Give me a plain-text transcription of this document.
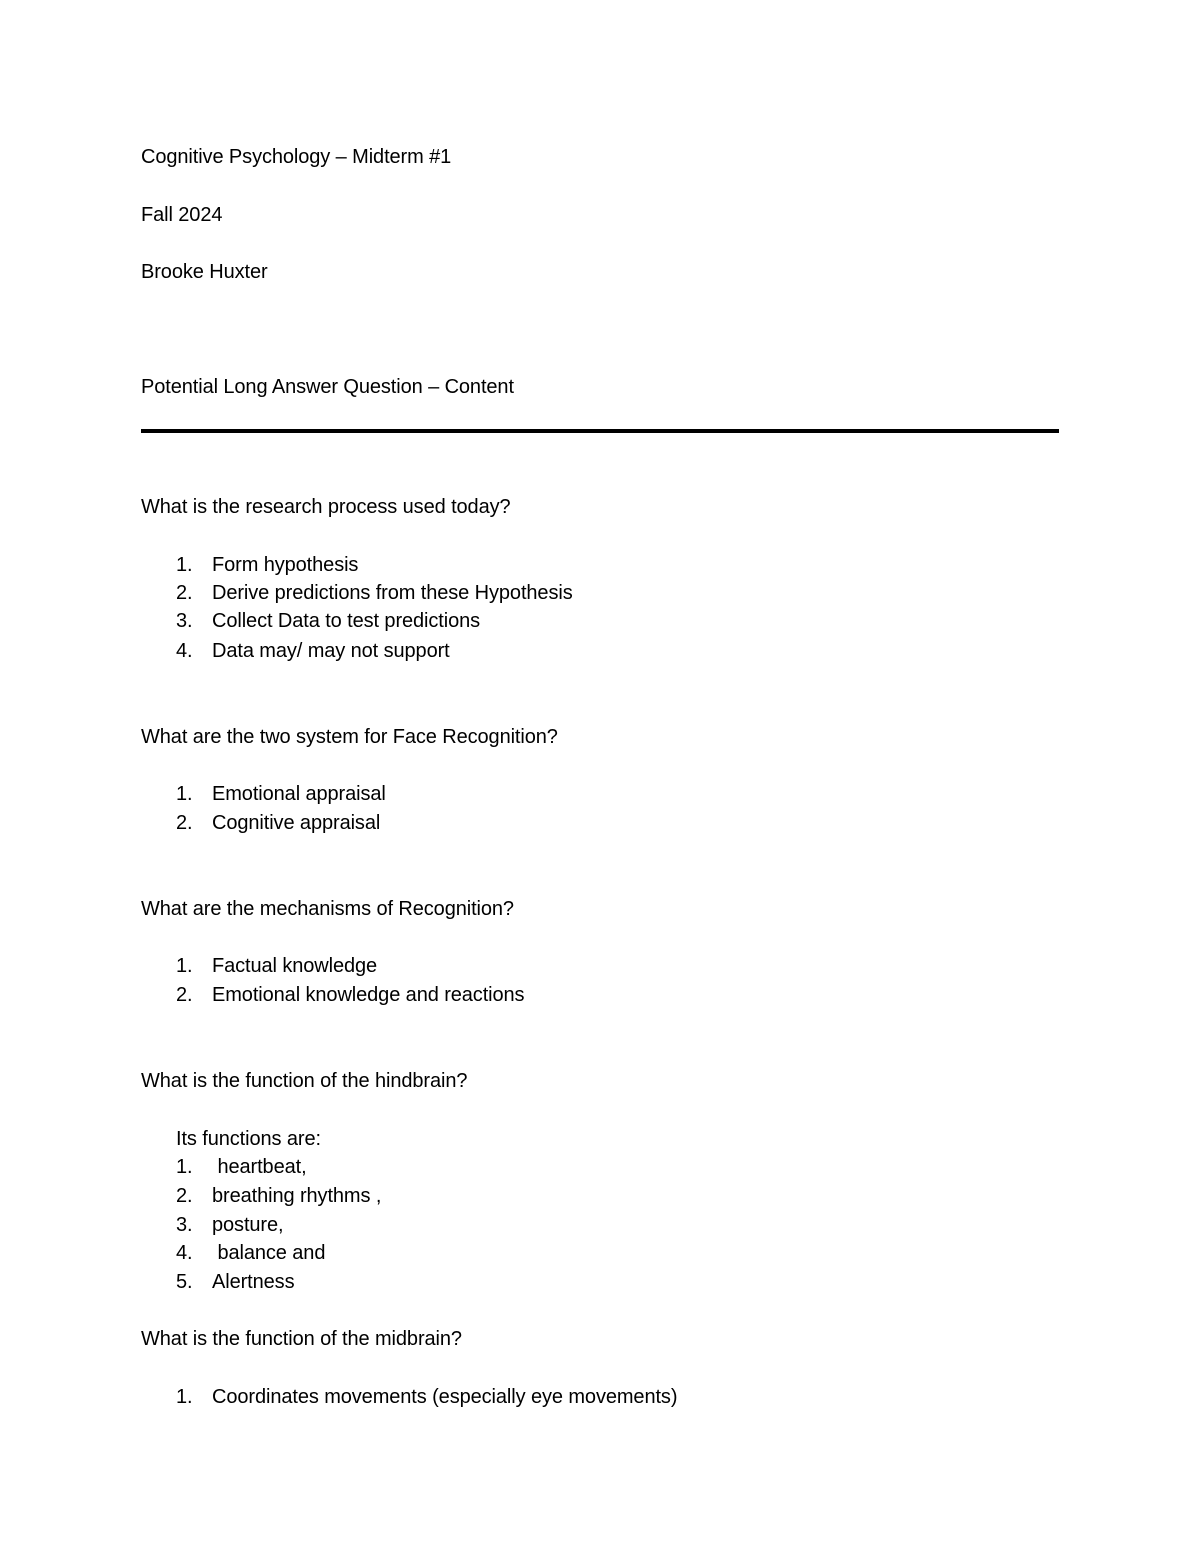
Cognitive Psychology – Midterm #1
Fall 2024
Brooke Huxter
Potential Long Answer Question – Content
What is the research process used today?
1. Form hypothesis
2. Derive predictions from these Hypothesis
3. Collect Data to test predictions
4. Data may/ may not support
What are the two system for Face Recognition?
1. Emotional appraisal
2. Cognitive appraisal
What are the mechanisms of Recognition?
1. Factual knowledge
2. Emotional knowledge and reactions
What is the function of the hindbrain?
Its functions are:
1. heartbeat,
2. breathing rhythms ,
3. posture,
4. balance and
5. Alertness
What is the function of the midbrain?
1. Coordinates movements (especially eye movements)
